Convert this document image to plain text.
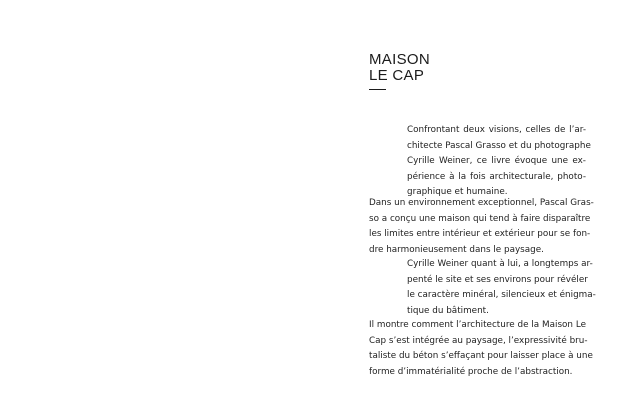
MAISON
LE CAP

Confrontant deux visions, celles de l’ar-
chitecte Pascal Grasso et du photographe
Cyrille Weiner, ce livre évoque une ex-
périence à la fois architecturale, photo-
graphique et humaine.

Dans un environnement exceptionnel, Pascal Gras-
so a conçu une maison qui tend à faire disparaître
les limites entre intérieur et extérieur pour se fon-
dre harmonieusement dans le paysage.

Cyrille Weiner quant à lui, a longtemps ar-
penté le site et ses environs pour révéler
le caractère minéral, silencieux et énigma-
tique du bâtiment.

Il montre comment l’architecture de la Maison Le
Cap s’est intégrée au paysage, l’expressivité bru-
taliste du béton s’effaçant pour laisser place à une
forme d’immatérialité proche de l’abstraction.
